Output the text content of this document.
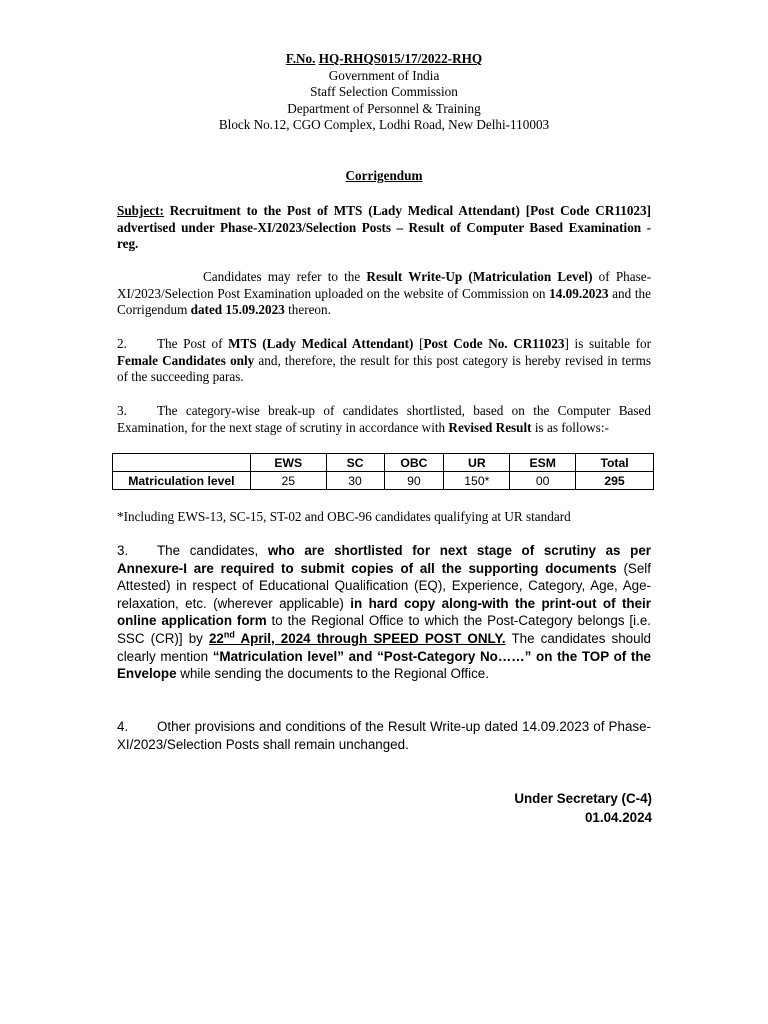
F.No. HQ-RHQS015/17/2022-RHQ
Government of India
Staff Selection Commission
Department of Personnel & Training
Block No.12, CGO Complex, Lodhi Road, New Delhi-110003
Corrigendum
Subject: Recruitment to the Post of MTS (Lady Medical Attendant) [Post Code CR11023] advertised under Phase-XI/2023/Selection Posts – Result of Computer Based Examination - reg.
Candidates may refer to the Result Write-Up (Matriculation Level) of Phase-XI/2023/Selection Post Examination uploaded on the website of Commission on 14.09.2023 and the Corrigendum dated 15.09.2023 thereon.
2. The Post of MTS (Lady Medical Attendant) [Post Code No. CR11023] is suitable for Female Candidates only and, therefore, the result for this post category is hereby revised in terms of the succeeding paras.
3. The category-wise break-up of candidates shortlisted, based on the Computer Based Examination, for the next stage of scrutiny in accordance with Revised Result is as follows:-
	EWS	SC	OBC	UR	ESM	Total
Matriculation level	25	30	90	150*	00	295
*Including EWS-13, SC-15, ST-02 and OBC-96 candidates qualifying at UR standard
3. The candidates, who are shortlisted for next stage of scrutiny as per Annexure-I are required to submit copies of all the supporting documents (Self Attested) in respect of Educational Qualification (EQ), Experience, Category, Age, Age-relaxation, etc. (wherever applicable) in hard copy along-with the print-out of their online application form to the Regional Office to which the Post-Category belongs [i.e. SSC (CR)] by 22nd April, 2024 through SPEED POST ONLY. The candidates should clearly mention “Matriculation level” and “Post-Category No……” on the TOP of the Envelope while sending the documents to the Regional Office.
4. Other provisions and conditions of the Result Write-up dated 14.09.2023 of Phase-XI/2023/Selection Posts shall remain unchanged.
Under Secretary (C-4)
01.04.2024
